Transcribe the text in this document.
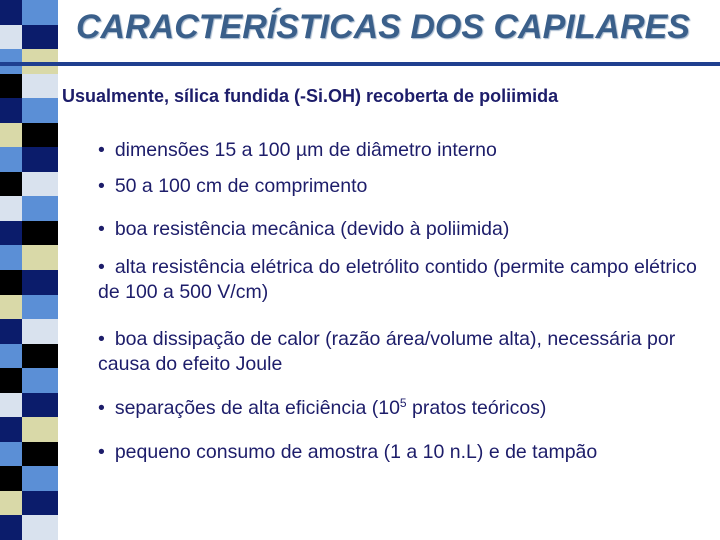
CARACTERÍSTICAS DOS CAPILARES

Usualmente, sílica fundida (-Si.OH) recoberta de poliimida

• dimensões 15 a 100 µm de diâmetro interno

• 50 a 100 cm de comprimento

• boa resistência mecânica (devido à poliimida)

• alta resistência elétrica do eletrólito contido (permite campo elétrico de 100 a 500 V/cm)

• boa dissipação de calor (razão área/volume alta), necessária por causa do efeito Joule

• separações de alta eficiência ($10^5$ pratos teóricos)

• pequeno consumo de amostra (1 a 10 n.L) e de tampão
